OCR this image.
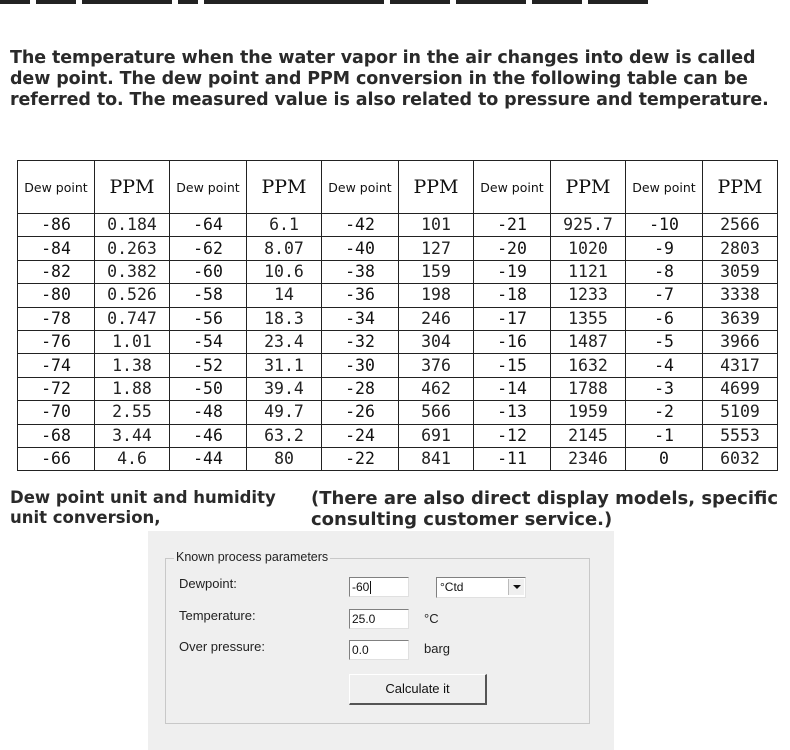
The temperature when the water vapor in the air changes into dew is called dew point. The dew point and PPM conversion in the following table can be referred to. The measured value is also related to pressure and temperature.
Dew point	PPM	Dew point	PPM	Dew point	PPM	Dew point	PPM	Dew point	PPM
-86	0.184	-64	6.1	-42	101	-21	925.7	-10	2566
-84	0.263	-62	8.07	-40	127	-20	1020	-9	2803
-82	0.382	-60	10.6	-38	159	-19	1121	-8	3059
-80	0.526	-58	14	-36	198	-18	1233	-7	3338
-78	0.747	-56	18.3	-34	246	-17	1355	-6	3639
-76	1.01	-54	23.4	-32	304	-16	1487	-5	3966
-74	1.38	-52	31.1	-30	376	-15	1632	-4	4317
-72	1.88	-50	39.4	-28	462	-14	1788	-3	4699
-70	2.55	-48	49.7	-26	566	-13	1959	-2	5109
-68	3.44	-46	63.2	-24	691	-12	2145	-1	5553
-66	4.6	-44	80	-22	841	-11	2346	0	6032
Dew point unit and humidity unit conversion,
(There are also direct display models, specific consulting customer service.)
Known process parameters
Dewpoint:	-60	°Ctd
Temperature:	25.0	°C
Over pressure:	0.0	barg
Calculate it
